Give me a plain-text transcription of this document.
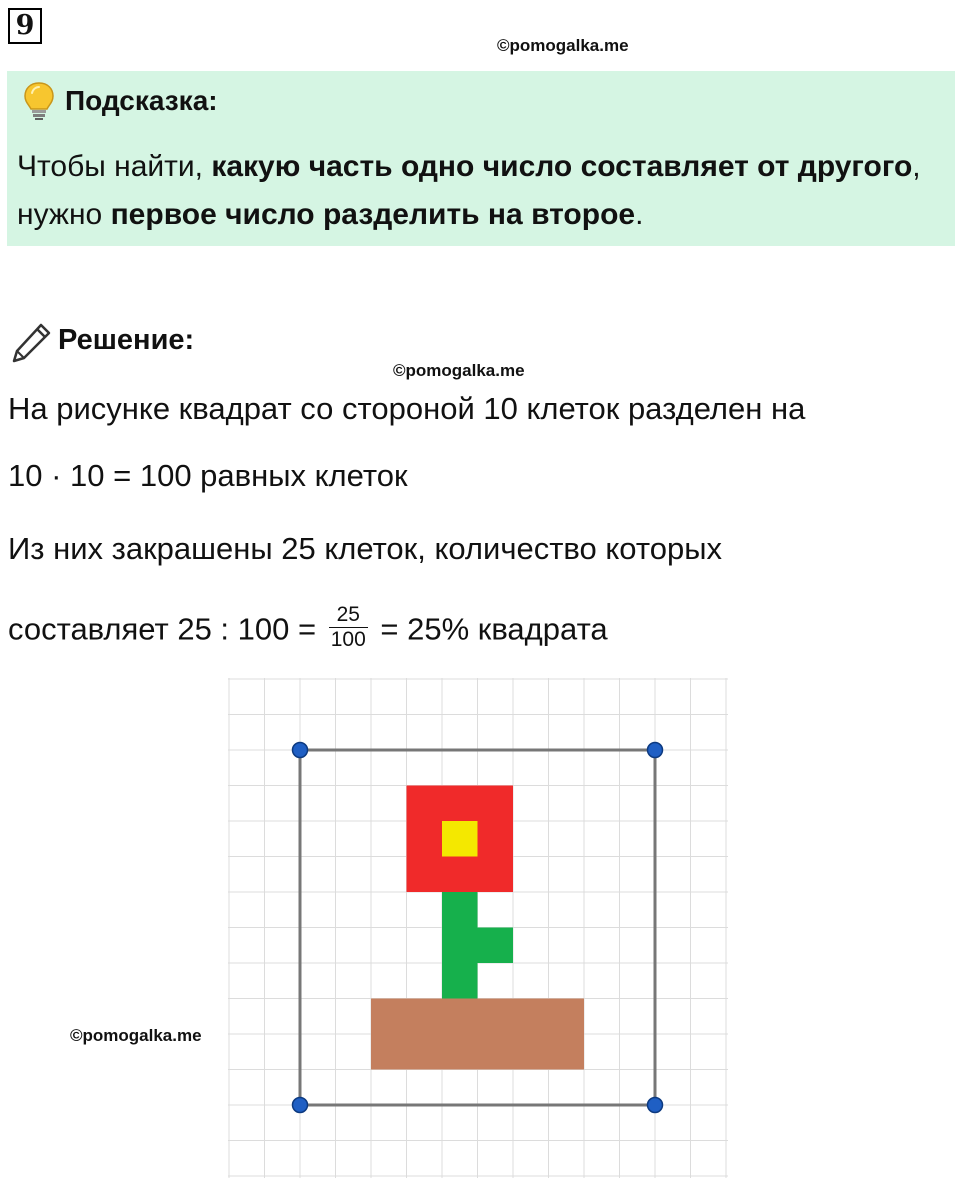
9
©pomogalka.me
Подсказка:
Чтобы найти, какую часть одно число составляет от другого, нужно первое число разделить на второе.
Решение:
©pomogalka.me
На рисунке квадрат со стороной 10 клеток разделен на
10 · 10 = 100 равных клеток
Из них закрашены 25 клеток, количество которых
составляет 25 : $100 = \frac{25}{100} = 25\%$ квадрата
©pomogalka.me
